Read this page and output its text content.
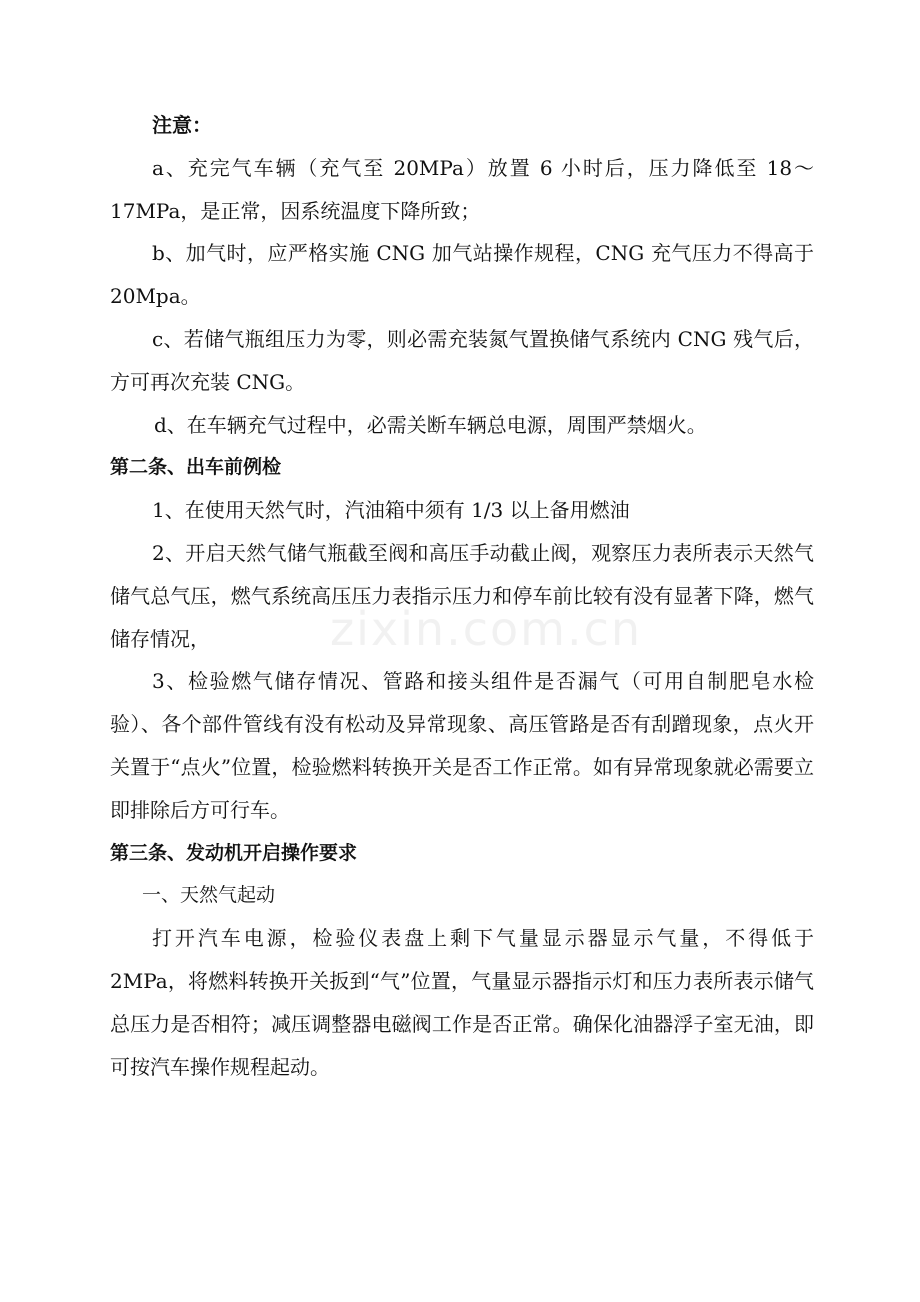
zixin.com.cn

注意：

a、充完气车辆（充气至 20MPa）放置 6 小时后，压力降低至 18～17MPa，是正常，因系统温度下降所致；

b、加气时，应严格实施 CNG 加气站操作规程，CNG 充气压力不得高于 20Mpa。

c、若储气瓶组压力为零，则必需充装氮气置换储气系统内 CNG 残气后，方可再次充装 CNG。

d、在车辆充气过程中，必需关断车辆总电源，周围严禁烟火。

第二条、出车前例检

1、在使用天然气时，汽油箱中须有 1/3 以上备用燃油

2、开启天然气储气瓶截至阀和高压手动截止阀，观察压力表所表示天然气储气总气压，燃气系统高压压力表指示压力和停车前比较有没有显著下降，燃气储存情况，

3、检验燃气储存情况、管路和接头组件是否漏气（可用自制肥皂水检验）、各个部件管线有没有松动及异常现象、高压管路是否有刮蹭现象，点火开关置于“点火”位置，检验燃料转换开关是否工作正常。如有异常现象就必需要立即排除后方可行车。

第三条、发动机开启操作要求

一、天然气起动

打开汽车电源，检验仪表盘上剩下气量显示器显示气量，不得低于 2MPa，将燃料转换开关扳到“气”位置，气量显示器指示灯和压力表所表示储气总压力是否相符；减压调整器电磁阀工作是否正常。确保化油器浮子室无油，即可按汽车操作规程起动。
